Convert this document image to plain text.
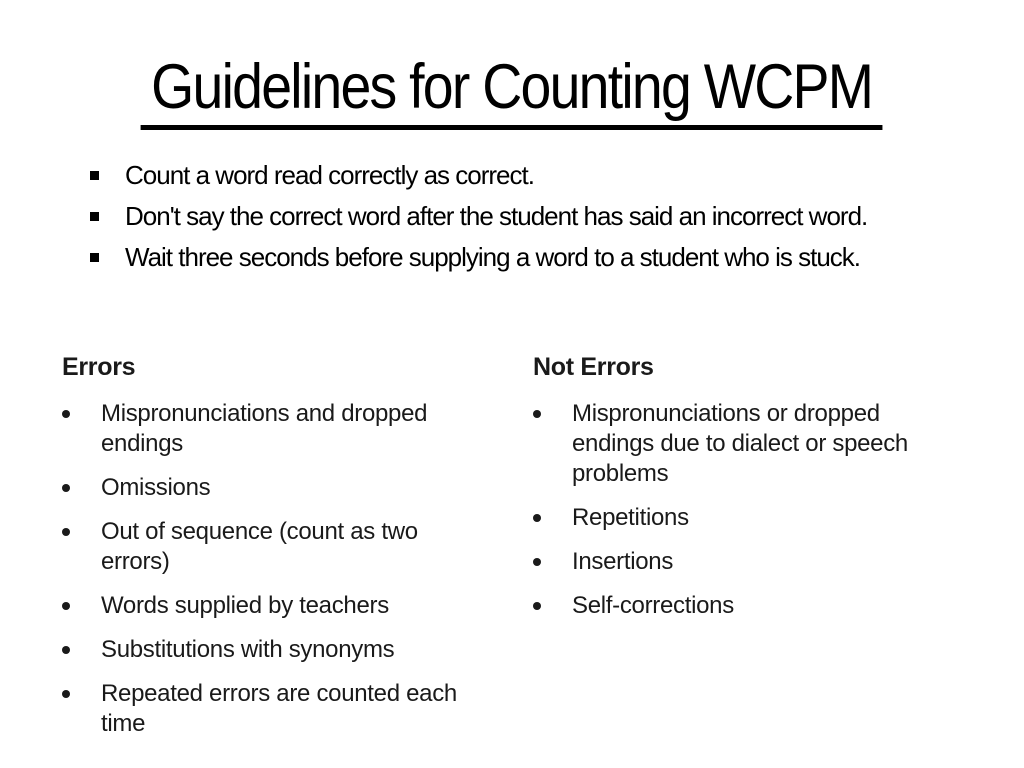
Guidelines for Counting WCPM
Count a word read correctly as correct.
Don't say the correct word after the student has said an incorrect word.
Wait three seconds before supplying a word to a student who is stuck.
Errors
Mispronunciations and dropped endings
Omissions
Out of sequence (count as two errors)
Words supplied by teachers
Substitutions with synonyms
Repeated errors are counted each time
Not Errors
Mispronunciations or dropped endings due to dialect or speech problems
Repetitions
Insertions
Self-corrections
